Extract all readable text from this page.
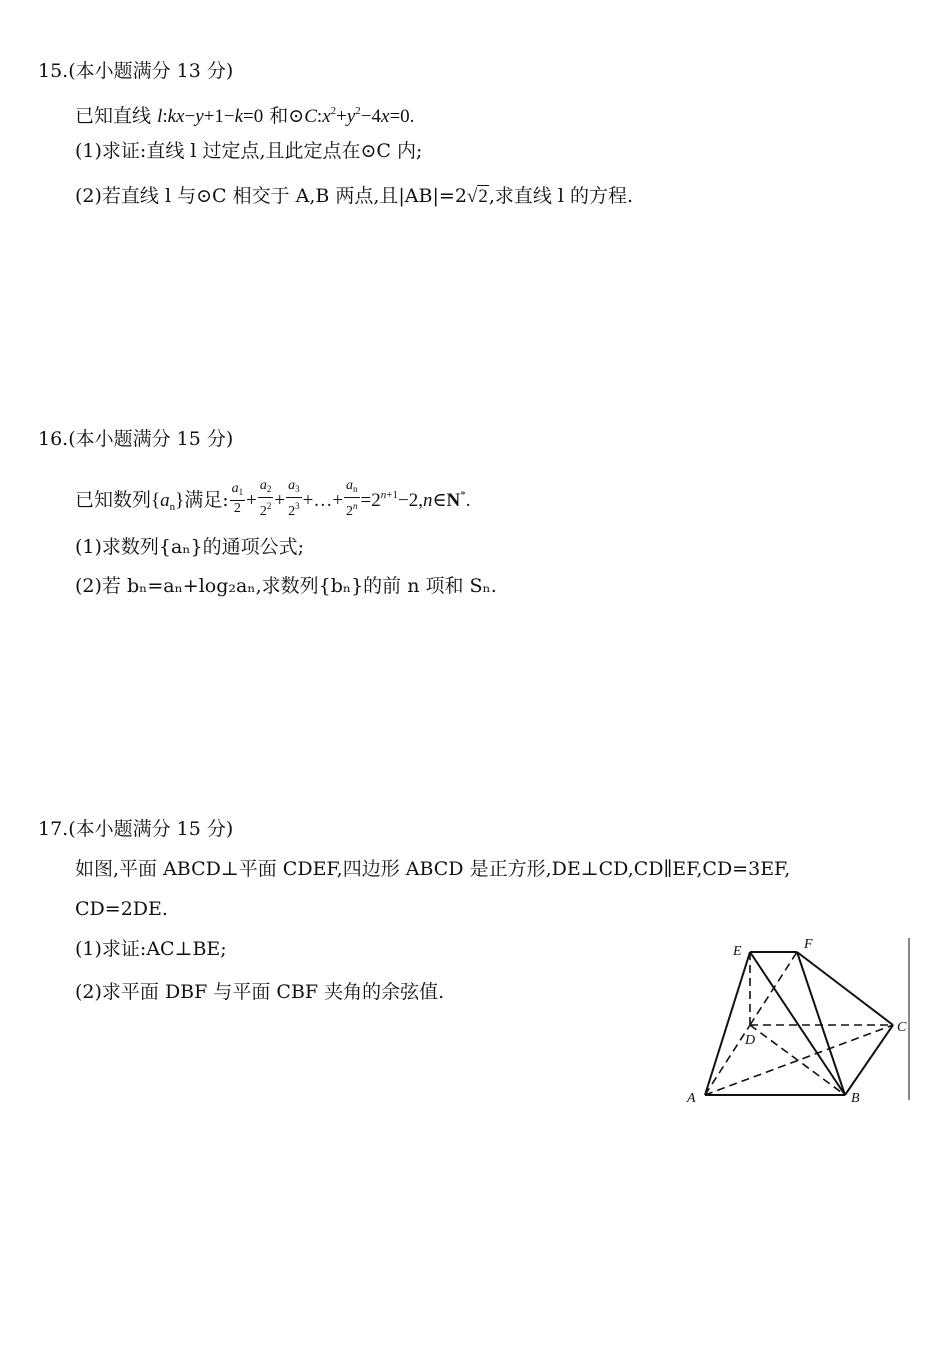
15.(本小题满分 13 分)
已知直线 l:kx−y+1−k=0 和$⊙C:x^2+y^2-4x=0$.
(1)求证:直线 l 过定点,且此定点在⊙C 内;
(2)若直线 l 与⊙C 相交于 A,B 两点,且|AB|=2√2,求直线 l 的方程.
16.(本小题满分 15 分)
已知数列$\{a_n\}$满足: $\frac{a_1}{2} + \frac{a_2}{2^2} + \frac{a_3}{2^3}$ +…+ $\frac{a_n}{2^n}$ $=2^{n+1}-2,n\in N^*$.
(1)求数列{aₙ}的通项公式;
(2)若 bₙ=aₙ+log₂aₙ,求数列{bₙ}的前 n 项和 Sₙ.
17.(本小题满分 15 分)
如图,平面 ABCD⊥平面 CDEF,四边形 ABCD 是正方形,DE⊥CD,CD∥EF,CD=3EF,
CD=2DE.
(1)求证:AC⊥BE;
(2)求平面 DBF 与平面 CBF 夹角的余弦值.
E	F
D
C
A	B
